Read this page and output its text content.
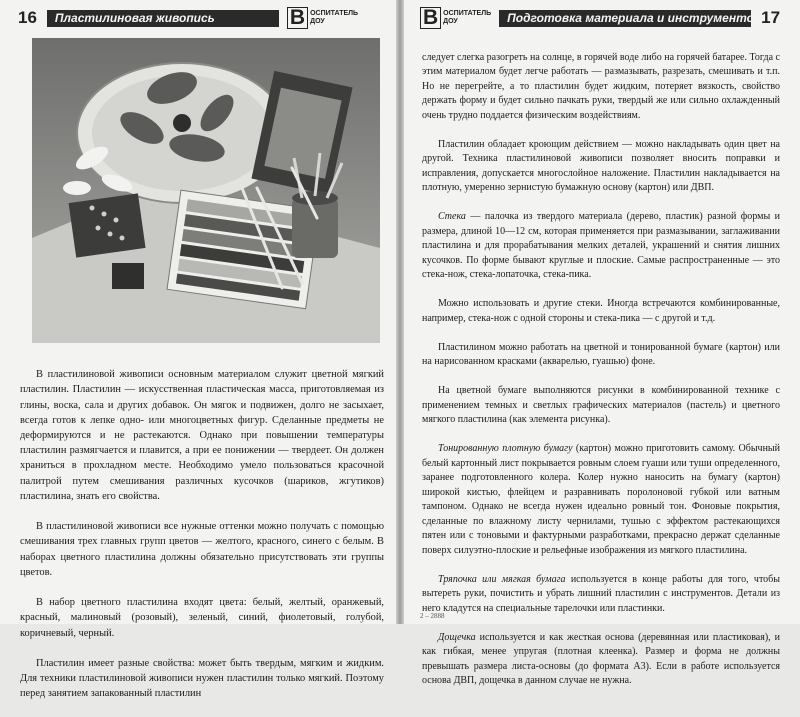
16	Пластилиновая живопись	В ОСПИТАТЕЛЬ
ДОУ

В пластилиновой живописи основным материалом служит цветной мягкий пластилин. Пластилин — искусственная пластическая масса, приготовляемая из глины, воска, сала и других добавок. Он мягок и подвижен, долго не засыхает, всегда готов к лепке одно- или многоцветных фигур. Сделанные предметы не деформируются и не растекаются. Однако при повышении температуры пластилин размягчается и плавится, а при ее понижении — твердеет. Он должен храниться в прохладном месте. Необходимо умело пользоваться красочной палитрой путем смешивания различных кусочков (шариков, жгутиков) пластилина, знать его свойства.

В пластилиновой живописи все нужные оттенки можно получать с помощью смешивания трех главных групп цветов — желтого, красного, синего с белым. В наборах цветного пластилина должны обязательно присутствовать эти группы цветов.

В набор цветного пластилина входят цвета: белый, желтый, оранжевый, красный, малиновый (розовый), зеленый, синий, фиолетовый, голубой, коричневый, черный.

Пластилин имеет разные свойства: может быть твердым, мягким и жидким. Для техники пластилиновой живописи нужен пластилин только мягкий. Поэтому перед занятием запакованный пластилин

В ОСПИТАТЕЛЬ
ДОУ	Подготовка материала и инструментов 17

следует слегка разогреть на солнце, в горячей воде либо на горячей батарее. Тогда с этим материалом будет легче работать — размазывать, разрезать, смешивать и т.п. Но не перегрейте, а то пластилин будет жидким, потеряет вязкость, свойство держать форму и будет сильно пачкать руки, твердый же или сильно охлажденный очень трудно поддается физическим воздействиям.

Пластилин обладает кроющим действием — можно накладывать один цвет на другой. Техника пластилиновой живописи позволяет вносить поправки и исправления, допускается многослойное наложение. Пластилин накладывается на плотную, умеренно зернистую бумажную основу (картон) или ДВП.

Стека — палочка из твердого материала (дерево, пластик) разной формы и размера, длиной 10—12 см, которая применяется при размазывании, заглаживании пластилина и для прорабатывания мелких деталей, украшений и снятия лишних кусочков. По форме бывают круглые и плоские. Самые распространенные — это стека-нож, стека-лопаточка, стека-пика.

Можно использовать и другие стеки. Иногда встречаются комбинированные, например, стека-нож с одной стороны и стека-пика — с другой и т.д.

Пластилином можно работать на цветной и тонированной бумаге (картон) или на нарисованном красками (акварелью, гуашью) фоне.

На цветной бумаге выполняются рисунки в комбинированной технике с применением темных и светлых графических материалов (пастель) и цветного мягкого пластилина (как элемента рисунка).

Тонированную плотную бумагу (картон) можно приготовить самому. Обычный белый картонный лист покрывается ровным слоем гуаши или туши определенного, заранее подготовленного колера. Колер нужно наносить на бумагу (картон) широкой кистью, флейцем и разравнивать поролоновой губкой или ватным тампоном. Однако не всегда нужен идеально ровный тон. Фоновые покрытия, сделанные по влажному листу чернилами, тушью с эффектом растекающихся пятен или с тоновыми и фактурными разработками, прекрасно держат сделанные поверх силуэтно-плоские и рельефные изображения из мягкого пластилина.

Тряпочка или мягкая бумага используется в конце работы для того, чтобы вытереть руки, почистить и убрать лишний пластилин с инструментов. Детали из него кладутся на специальные тарелочки или пластинки.

Дощечка используется и как жесткая основа (деревянная или пластиковая), и как гибкая, менее упругая (плотная клеенка). Размер и форма не должны превышать размера листа-основы (до формата А3). Если в работе используется основа ДВП, дощечка в данном случае не нужна.

2 – 2888
